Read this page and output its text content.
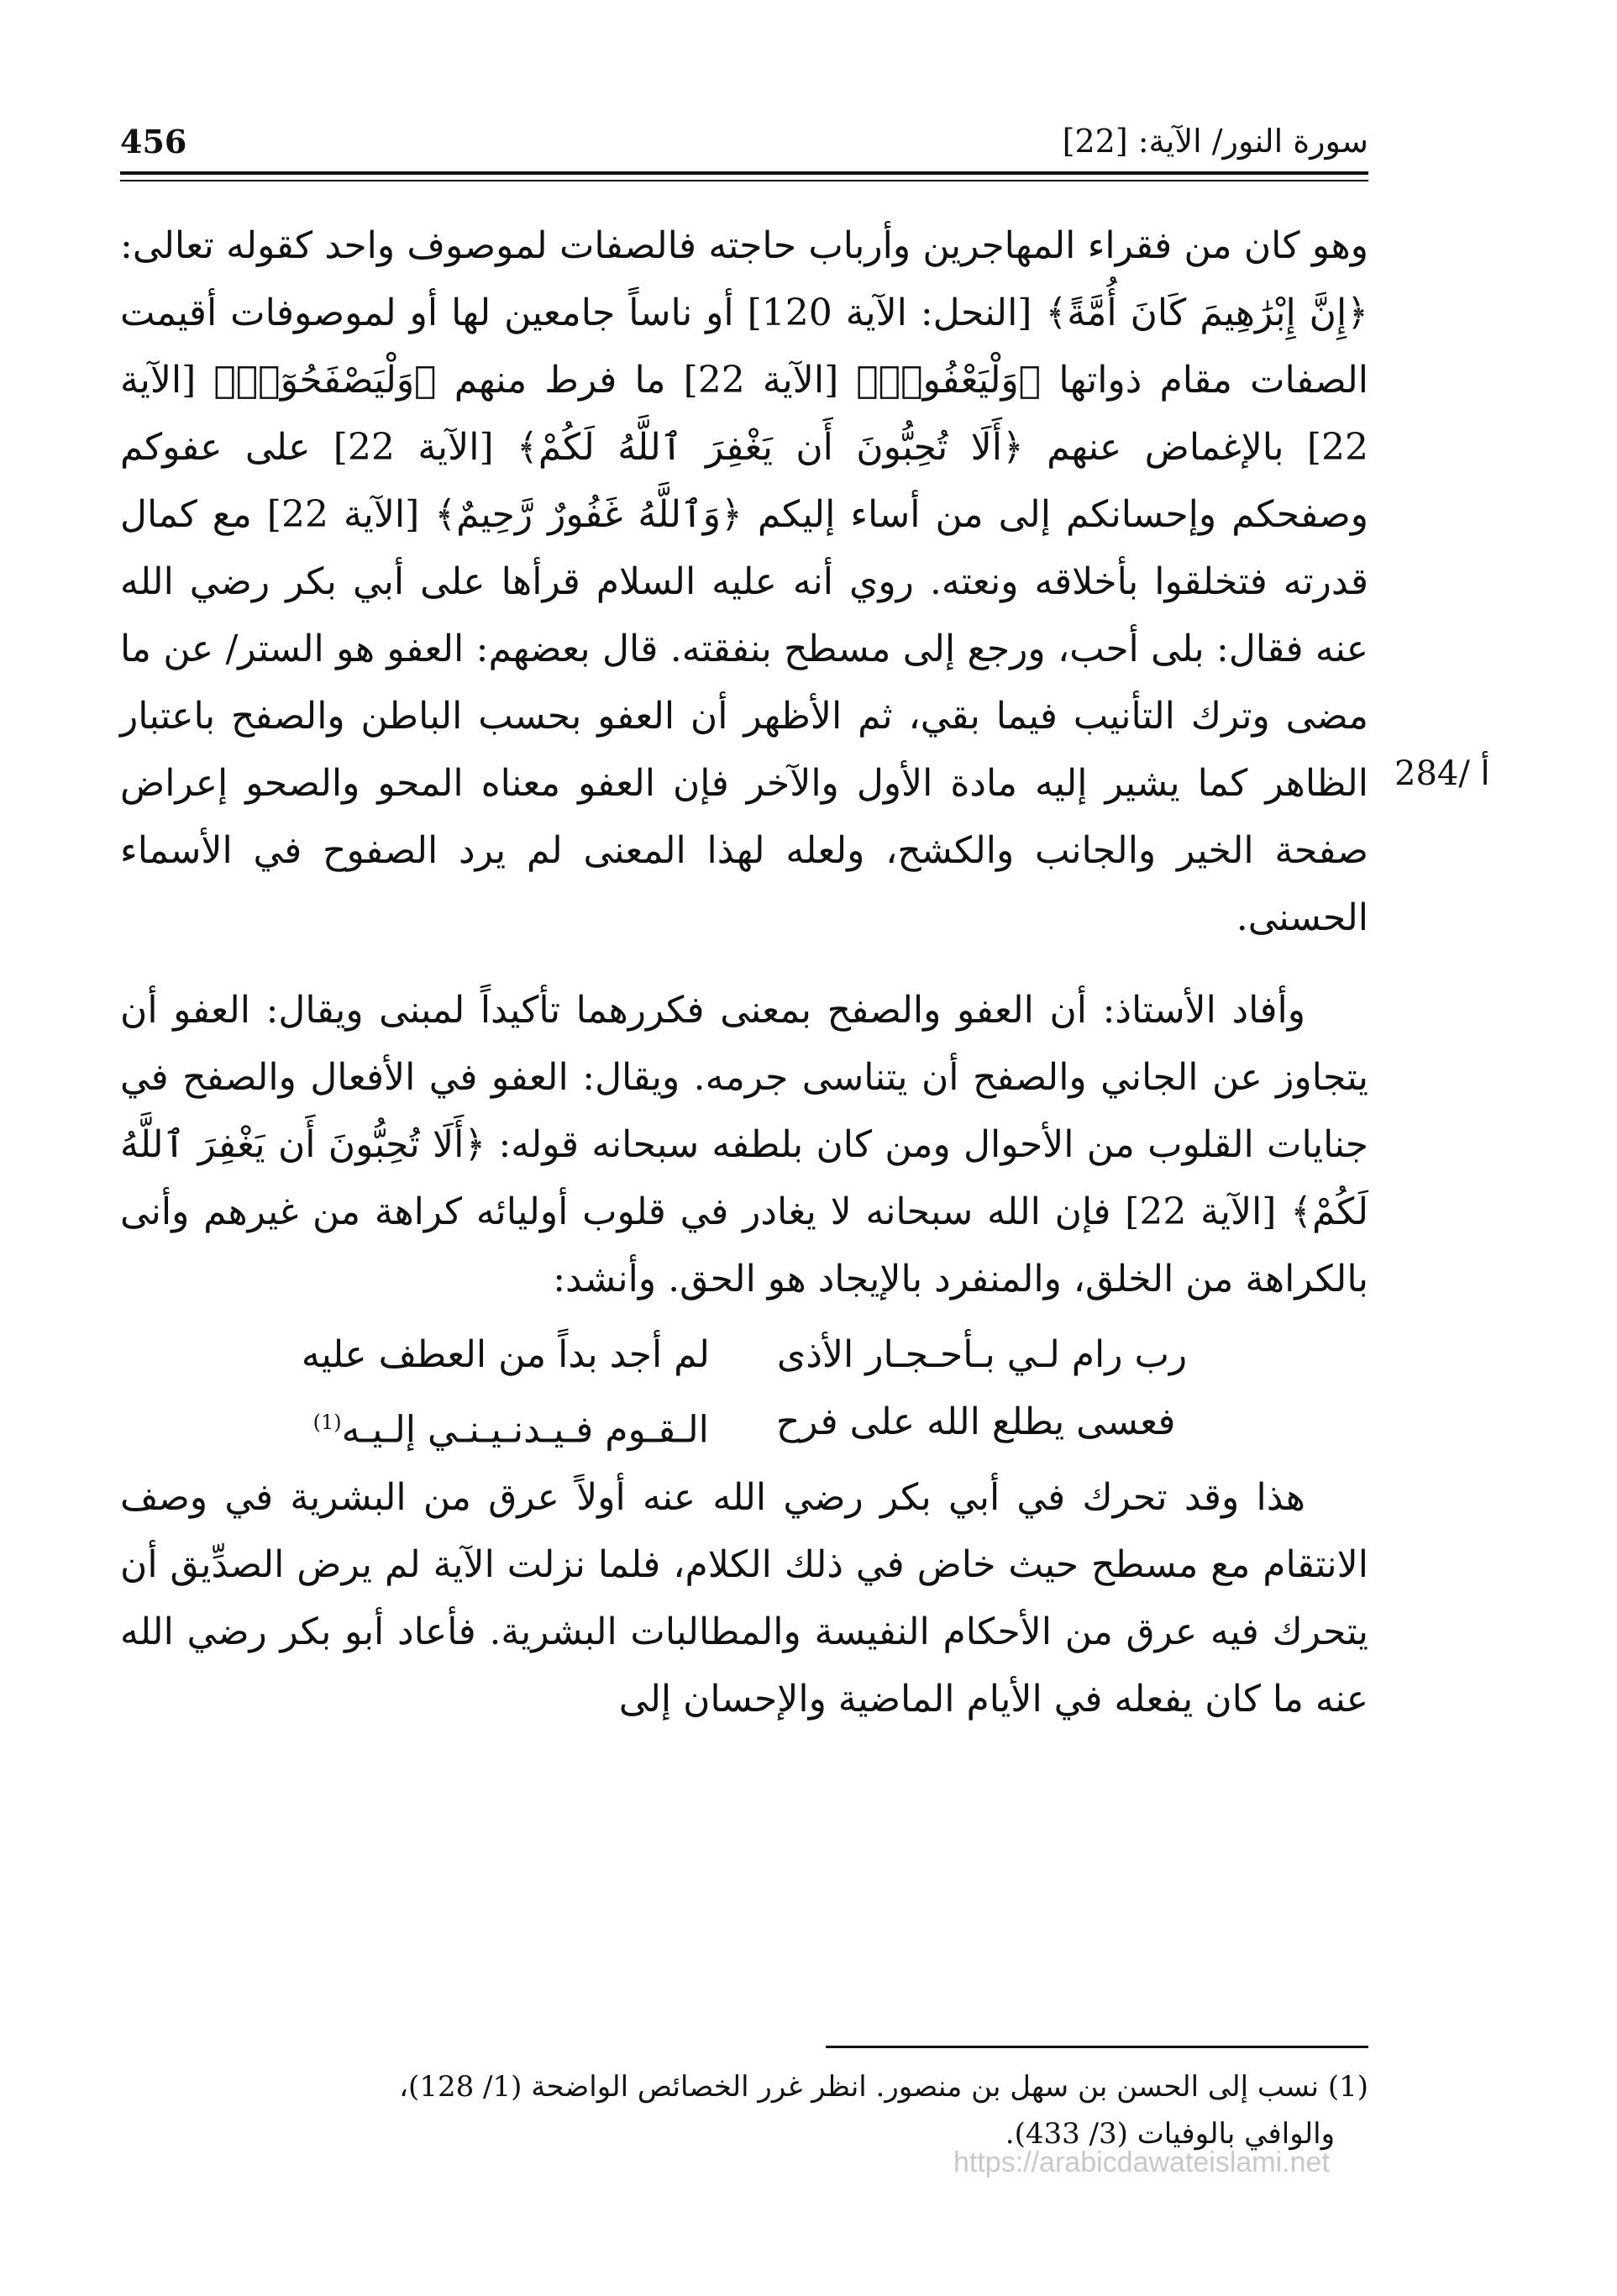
سورة النور/ الآية: [22]
456
284/ أ

وهو كان من فقراء المهاجرين وأرباب حاجته فالصفات لموصوف واحد كقوله تعالى: ﴿إِنَّ إِبْرَٰهِيمَ كَانَ أُمَّةً﴾ [النحل: الآية 120] أو ناساً جامعين لها أو لموصوفات أقيمت الصفات مقام ذواتها ﴿وَلْيَعْفُوا۟﴾ [الآية 22] ما فرط منهم ﴿وَلْيَصْفَحُوٓا۟﴾ [الآية 22] بالإغماض عنهم ﴿أَلَا تُحِبُّونَ أَن يَغْفِرَ ٱللَّهُ لَكُمْ﴾ [الآية 22] على عفوكم وصفحكم وإحسانكم إلى من أساء إليكم ﴿وَٱللَّهُ غَفُورٌ رَّحِيمٌ﴾ [الآية 22] مع كمال قدرته فتخلقوا بأخلاقه ونعته. روي أنه عليه السلام قرأها على أبي بكر رضي الله عنه فقال: بلى أحب، ورجع إلى مسطح بنفقته. قال بعضهم: العفو هو الستر/ عن ما مضى وترك التأنيب فيما بقي، ثم الأظهر أن العفو بحسب الباطن والصفح باعتبار الظاهر كما يشير إليه مادة الأول والآخر فإن العفو معناه المحو والصحو إعراض صفحة الخير والجانب والكشح، ولعله لهذا المعنى لم يرد الصفوح في الأسماء الحسنى.

وأفاد الأستاذ: أن العفو والصفح بمعنى فكررهما تأكيداً لمبنى ويقال: العفو أن يتجاوز عن الجاني والصفح أن يتناسى جرمه. ويقال: العفو في الأفعال والصفح في جنايات القلوب من الأحوال ومن كان بلطفه سبحانه قوله: ﴿أَلَا تُحِبُّونَ أَن يَغْفِرَ ٱللَّهُ لَكُمْ﴾ [الآية 22] فإن الله سبحانه لا يغادر في قلوب أوليائه كراهة من غيرهم وأنى بالكراهة من الخلق، والمنفرد بالإيجاد هو الحق. وأنشد:

رب رام لـي بـأحـجـار الأذى
لم أجد بداً من العطف عليه
فعسى يطلع الله على فرح
الـقـوم فـيـدنـيـنـي إلـيـه$^{(1)}$

هذا وقد تحرك في أبي بكر رضي الله عنه أولاً عرق من البشرية في وصف الانتقام مع مسطح حيث خاض في ذلك الكلام، فلما نزلت الآية لم يرض الصدِّيق أن يتحرك فيه عرق من الأحكام النفيسة والمطالبات البشرية. فأعاد أبو بكر رضي الله عنه ما كان يفعله في الأيام الماضية والإحسان إلى

(1) نسب إلى الحسن بن سهل بن منصور. انظر غرر الخصائص الواضحة (1/ 128)،

والوافي بالوفيات (3/ 433).

https://arabicdawateislami.net
